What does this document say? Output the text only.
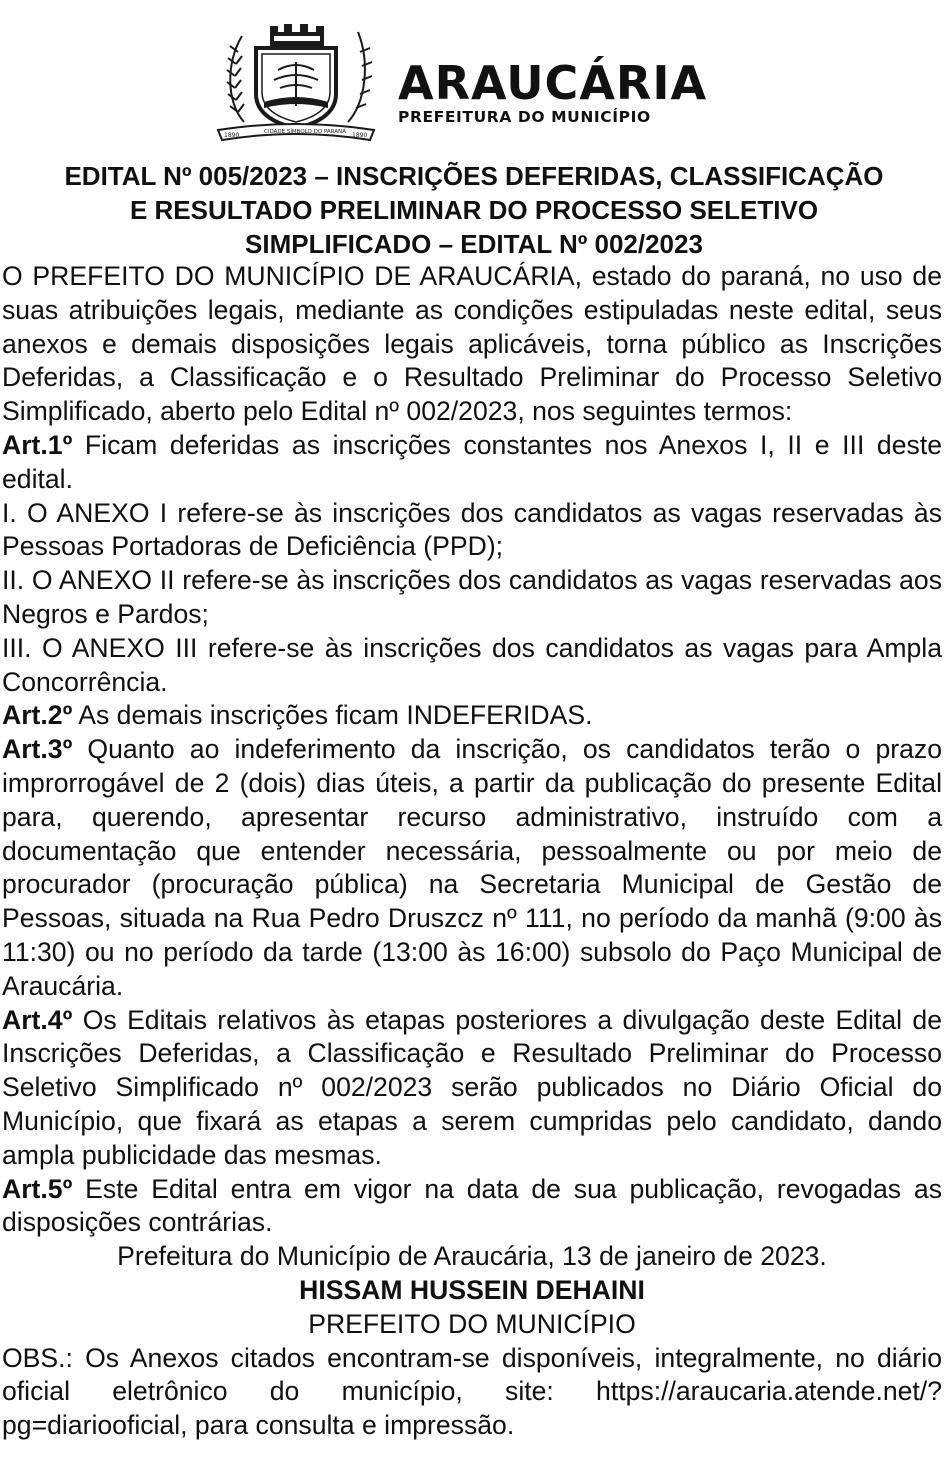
1890	CIDADE SÍMBOLO DO PARANÁ 1890
ARAUCÁRIA
PREFEITURA DO MUNICÍPIO
EDITAL Nº 005/2023 – INSCRIÇÕES DEFERIDAS, CLASSIFICAÇÃO
E RESULTADO PRELIMINAR DO PROCESSO SELETIVO
SIMPLIFICADO – EDITAL Nº 002/2023

O PREFEITO DO MUNICÍPIO DE ARAUCÁRIA, estado do paraná, no uso de suas atribuições legais, mediante as condições estipuladas neste edital, seus anexos e demais disposições legais aplicáveis, torna público as Inscrições Deferidas, a Classificação e o Resultado Preliminar do Processo Seletivo Simplificado, aberto pelo Edital nº 002/2023, nos seguintes termos:

Art.1º Ficam deferidas as inscrições constantes nos Anexos I, II e III deste edital.

I. O ANEXO I refere-se às inscrições dos candidatos as vagas reservadas às Pessoas Portadoras de Deficiência (PPD);

II. O ANEXO II refere-se às inscrições dos candidatos as vagas reservadas aos Negros e Pardos;

III. O ANEXO III refere-se às inscrições dos candidatos as vagas para Ampla Concorrência.

Art.2º As demais inscrições ficam INDEFERIDAS.

Art.3º Quanto ao indeferimento da inscrição, os candidatos terão o prazo improrrogável de 2 (dois) dias úteis, a partir da publicação do presente Edital para, querendo, apresentar recurso administrativo, instruído com a documentação que entender necessária, pessoalmente ou por meio de procurador (procuração pública) na Secretaria Municipal de Gestão de Pessoas, situada na Rua Pedro Druszcz nº 111, no período da manhã (9:00 às 11:30) ou no período da tarde (13:00 às 16:00) subsolo do Paço Municipal de Araucária.

Art.4º Os Editais relativos às etapas posteriores a divulgação deste Edital de Inscrições Deferidas, a Classificação e Resultado Preliminar do Processo Seletivo Simplificado nº 002/2023 serão publicados no Diário Oficial do Município, que fixará as etapas a serem cumpridas pelo candidato, dando ampla publicidade das mesmas.

Art.5º Este Edital entra em vigor na data de sua publicação, revogadas as disposições contrárias.

Prefeitura do Município de Araucária, 13 de janeiro de 2023.

HISSAM HUSSEIN DEHAINI

PREFEITO DO MUNICÍPIO

OBS.: Os Anexos citados encontram-se disponíveis, integralmente, no diário oficial eletrônico do município, site: https://araucaria.atende.net/?pg=diariooficial, para consulta e impressão.
